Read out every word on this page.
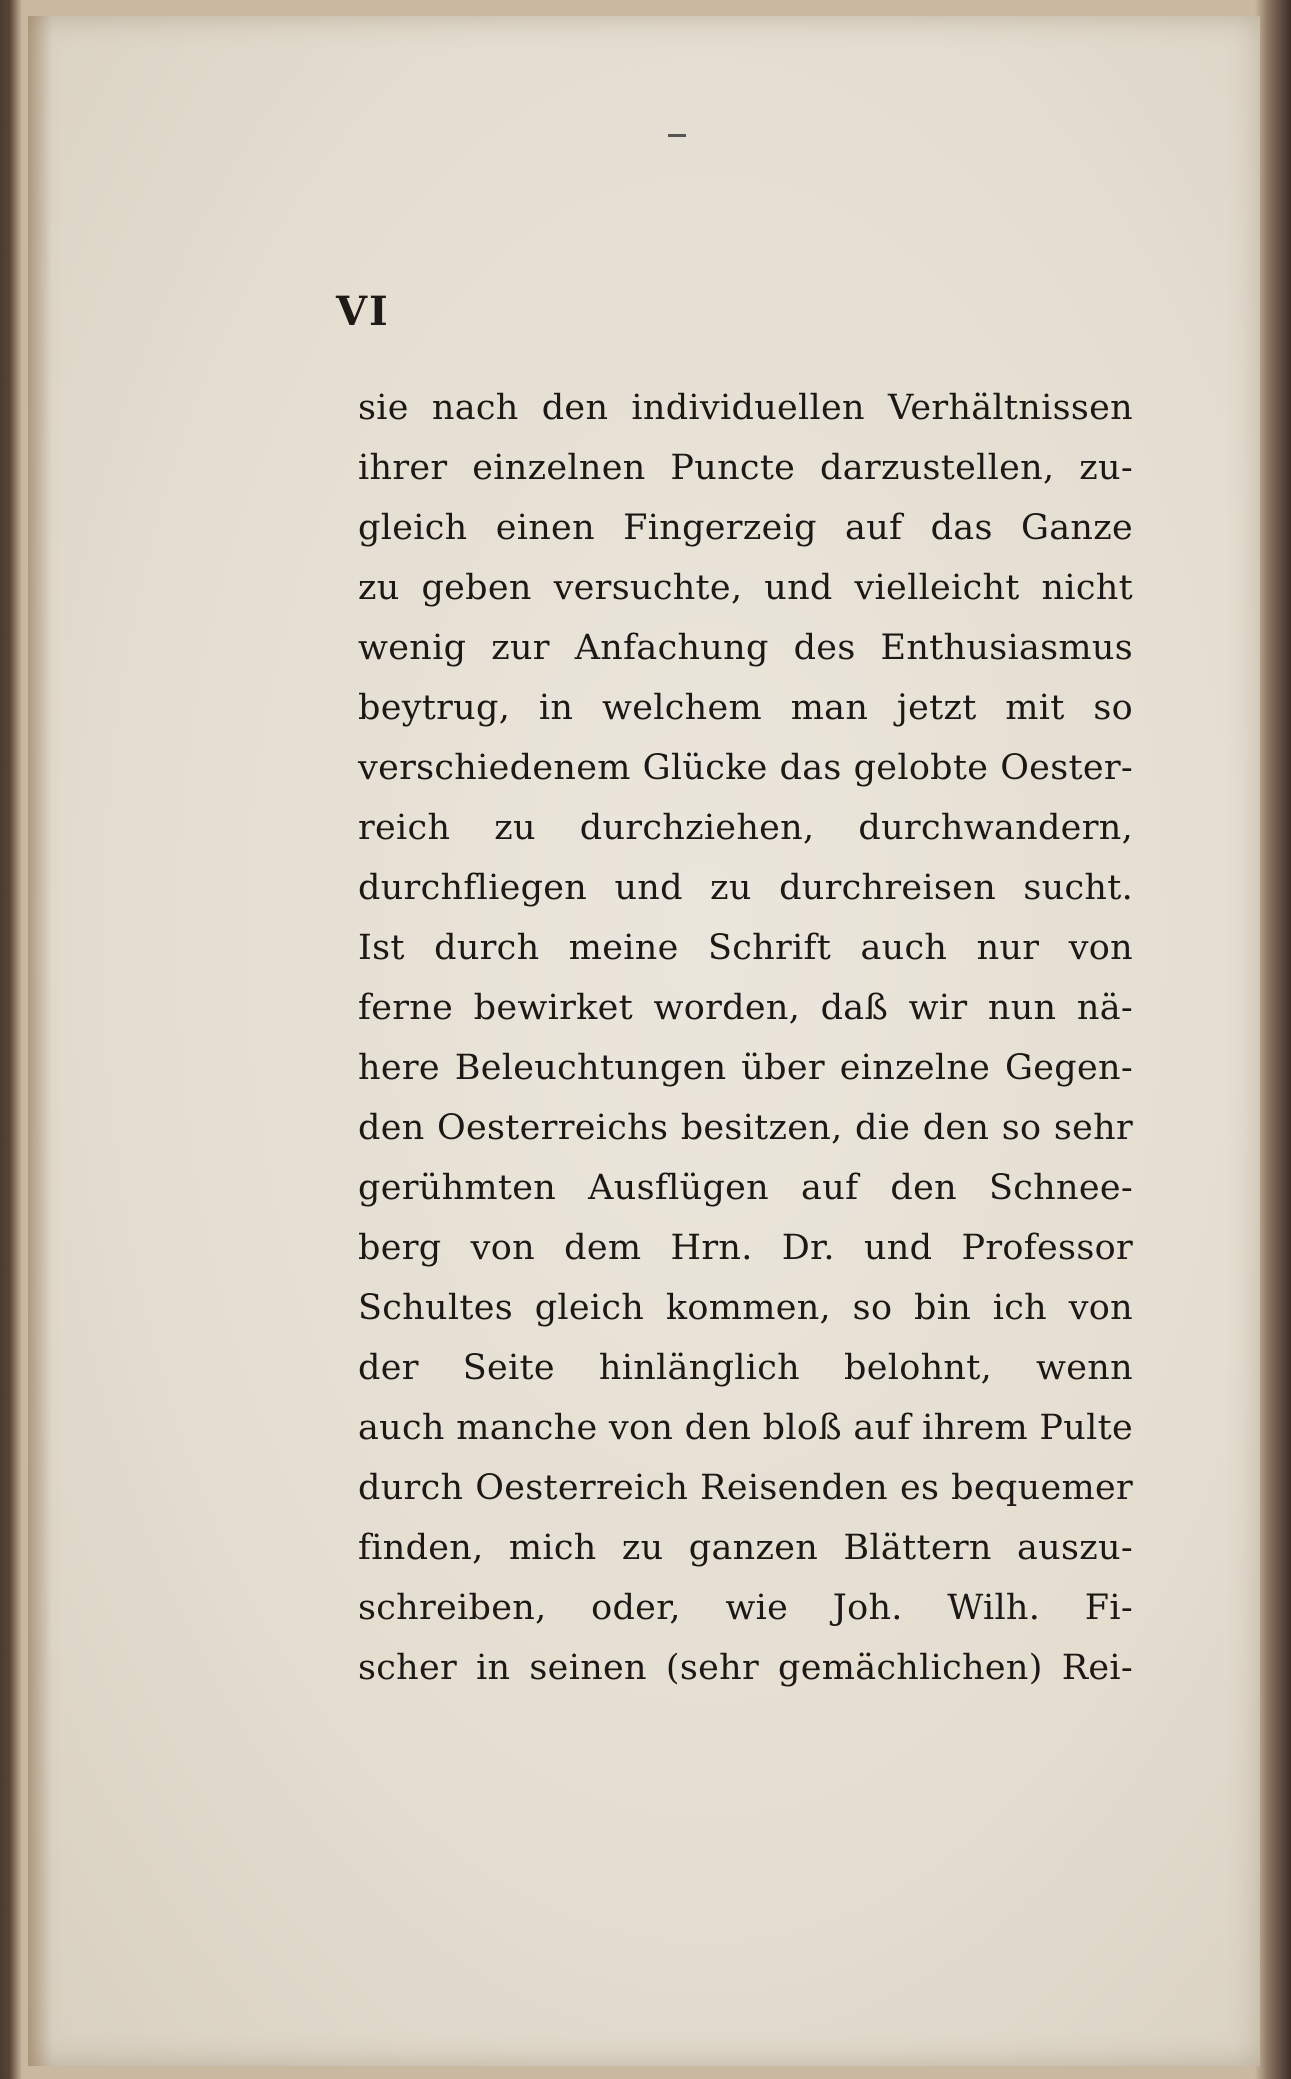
VI
sie nach den individuellen Verhältnissen
ihrer einzelnen Puncte darzustellen, zu-
gleich einen Fingerzeig auf das Ganze
zu geben versuchte, und vielleicht nicht
wenig zur Anfachung des Enthusiasmus
beytrug, in welchem man jetzt mit so
verschiedenem Glücke das gelobte Oester-
reich zu durchziehen, durchwandern,
durchfliegen und zu durchreisen sucht.
Ist durch meine Schrift auch nur von
ferne bewirket worden, daß wir nun nä-
here Beleuchtungen über einzelne Gegen-
den Oesterreichs besitzen, die den so sehr
gerühmten Ausflügen auf den Schnee-
berg von dem Hrn. Dr. und Professor
Schultes gleich kommen, so bin ich von
der Seite hinlänglich belohnt, wenn
auch manche von den bloß auf ihrem Pulte
durch Oesterreich Reisenden es bequemer
finden, mich zu ganzen Blättern auszu-
schreiben, oder, wie Joh. Wilh. Fi-
scher in seinen (sehr gemächlichen) Rei-
